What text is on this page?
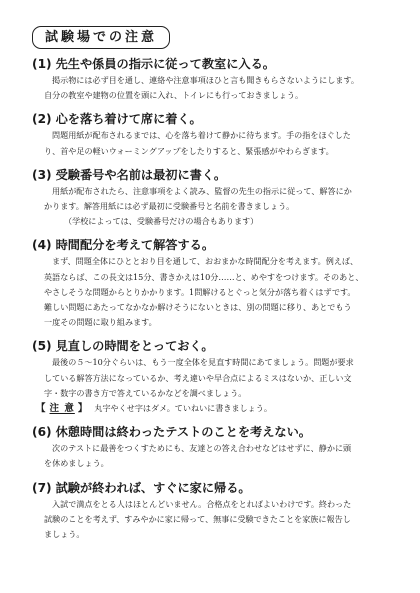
試験場での注意

(1) 先生や係員の指示に従って教室に入る。

掲示物には必ず目を通し、連絡や注意事項ほひと言も聞きもらさないようにします。

自分の教室や建物の位置を頭に入れ、トイレにも行っておきましょう。

(2) 心を落ち着けて席に着く。

問題用紙が配布されるまでは、心を落ち着けて静かに待ちます。手の指をほぐした

り、首や足の軽いウォーミングアップをしたりすると、緊張感がやわらぎます。

(3) 受験番号や名前は最初に書く。

用紙が配布されたら、注意事項をよく読み、監督の先生の指示に従って、解答にか

かります。解答用紙には必ず最初に受験番号と名前を書きましょう。

（学校によっては、受験番号だけの場合もあります）

(4) 時間配分を考えて解答する。

まず、問題全体にひととおり目を通して、おおまかな時間配分を考えます。例えば、

英語ならば、この長文は15分、書きかえは10分……と、めやすをつけます。そのあと、

やさしそうな問題からとりかかります。1問解けるとぐっと気分が落ち着くはずです。

難しい問題にあたってなかなか解けそうにないときは、別の問題に移り、あとでもう

一度その問題に取り組みます。

(5) 見直しの時間をとっておく。

最後の５〜10分ぐらいは、もう一度全体を見直す時間にあてましょう。問題が要求

している解答方法になっているか、考え違いや早合点によるミスはないか、正しい文

字・数字の書き方で答えているかなどを調べましょう。

【 注 意 】 丸字やくせ字はダメ。ていねいに書きましょう。

(6) 休憩時間は終わったテストのことを考えない。

次のテストに最善をつくすためにも、友達との答え合わせなどはせずに、静かに頭

を休めましょう。

(7) 試験が終われば、すぐに家に帰る。

入試で満点をとる人はほとんどいません。合格点をとればよいわけです。終わった

試験のことを考えず、すみやかに家に帰って、無事に受験できたことを家族に報告し

ましょう。
